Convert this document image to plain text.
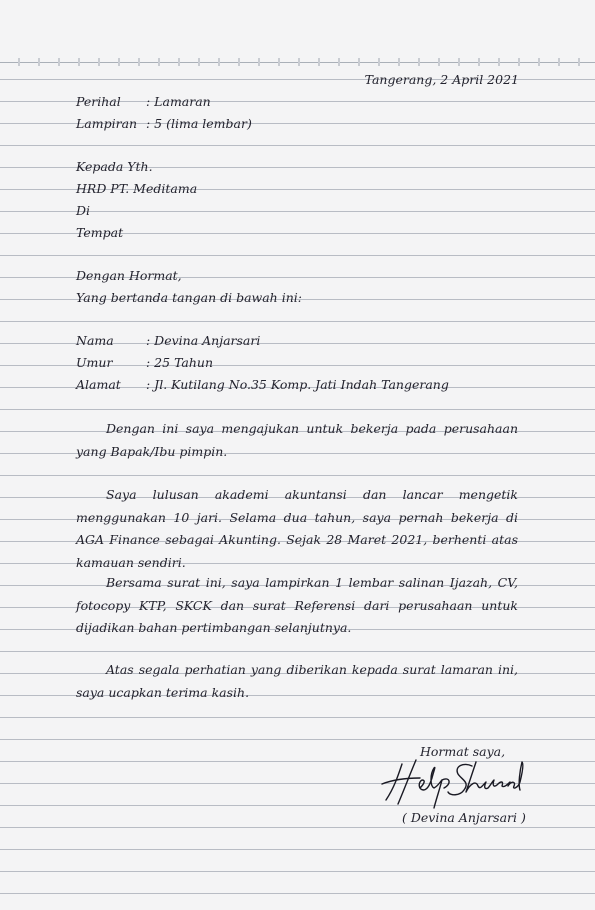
Tangerang, 2 April 2021
Perihal : Lamaran
Lampiran : 5 (lima lembar)
Kepada Yth.
HRD PT. Meditama
Di
Tempat
Dengan Hormat,
Yang bertanda tangan di bawah ini:
Nama	: Devina Anjarsari
Umur	: 25 Tahun
Alamat : Jl. Kutilang No.35 Komp. Jati Indah Tangerang
Dengan ini saya mengajukan untuk bekerja pada perusahaan yang Bapak/Ibu pimpin.
Saya lulusan akademi akuntansi dan lancar mengetik menggunakan 10 jari. Selama dua tahun, saya pernah bekerja di AGA Finance sebagai Akunting. Sejak 28 Maret 2021, berhenti atas kamauan sendiri.
Bersama surat ini, saya lampirkan 1 lembar salinan Ijazah, CV, fotocopy KTP, SKCK dan surat Referensi dari perusahaan untuk dijadikan bahan pertimbangan selanjutnya.
Atas segala perhatian yang diberikan kepada surat lamaran ini, saya ucapkan terima kasih.
Hormat saya,
( Devina Anjarsari )
